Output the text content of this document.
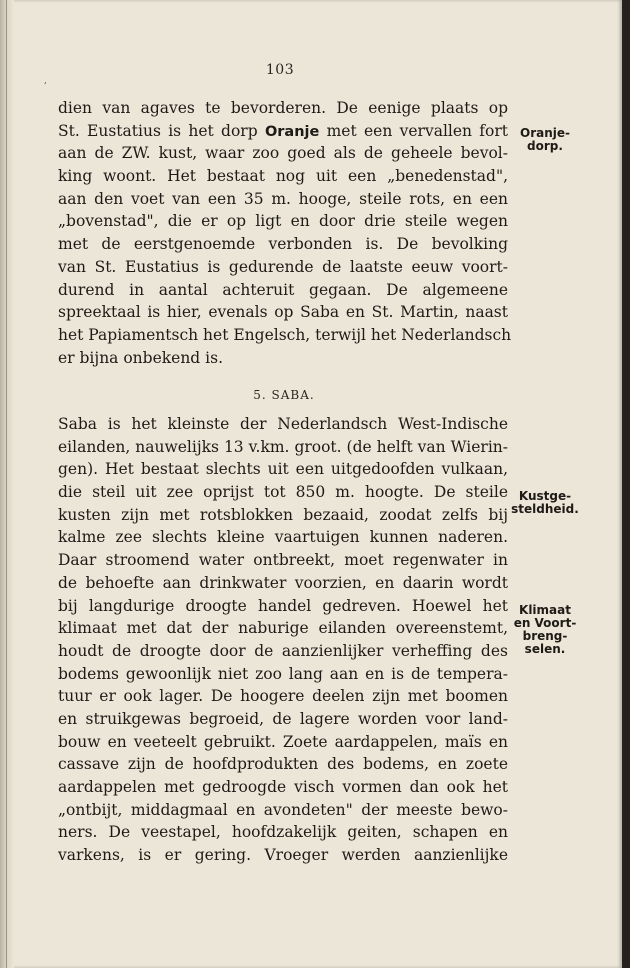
103
,
dien van agaves te bevorderen. De eenige plaats op
St. Eustatius is het dorp Oranje met een vervallen fort
aan de ZW. kust, waar zoo goed als de geheele bevol-
king woont. Het bestaat nog uit een „benedenstad",
aan den voet van een 35 m. hooge, steile rots, en een
„bovenstad", die er op ligt en door drie steile wegen
met de eerstgenoemde verbonden is. De bevolking
van St. Eustatius is gedurende de laatste eeuw voort-
durend in aantal achteruit gegaan. De algemeene
spreektaal is hier, evenals op Saba en St. Martin, naast
het Papiamentsch het Engelsch, terwijl het Nederlandsch
er bijna onbekend is.
5. SABA.
Saba is het kleinste der Nederlandsch West-Indische
eilanden, nauwelijks 13 v.km. groot. (de helft van Wierin-
gen). Het bestaat slechts uit een uitgedoofden vulkaan,
die steil uit zee oprijst tot 850 m. hoogte. De steile
kusten zijn met rotsblokken bezaaid, zoodat zelfs bij
kalme zee slechts kleine vaartuigen kunnen naderen.
Daar stroomend water ontbreekt, moet regenwater in
de behoefte aan drinkwater voorzien, en daarin wordt
bij langdurige droogte handel gedreven. Hoewel het
klimaat met dat der naburige eilanden overeenstemt,
houdt de droogte door de aanzienlijker verheffing des
bodems gewoonlijk niet zoo lang aan en is de tempera-
tuur er ook lager. De hoogere deelen zijn met boomen
en struikgewas begroeid, de lagere worden voor land-
bouw en veeteelt gebruikt. Zoete aardappelen, maïs en
cassave zijn de hoofdprodukten des bodems, en zoete
aardappelen met gedroogde visch vormen dan ook het
„ontbijt, middagmaal en avondeten" der meeste bewo-
ners. De veestapel, hoofdzakelijk geiten, schapen en
varkens, is er gering. Vroeger werden aanzienlijke
Oranje-
dorp.
Kustge-
steldheid.
Klimaat
en Voort-
breng-
selen.
